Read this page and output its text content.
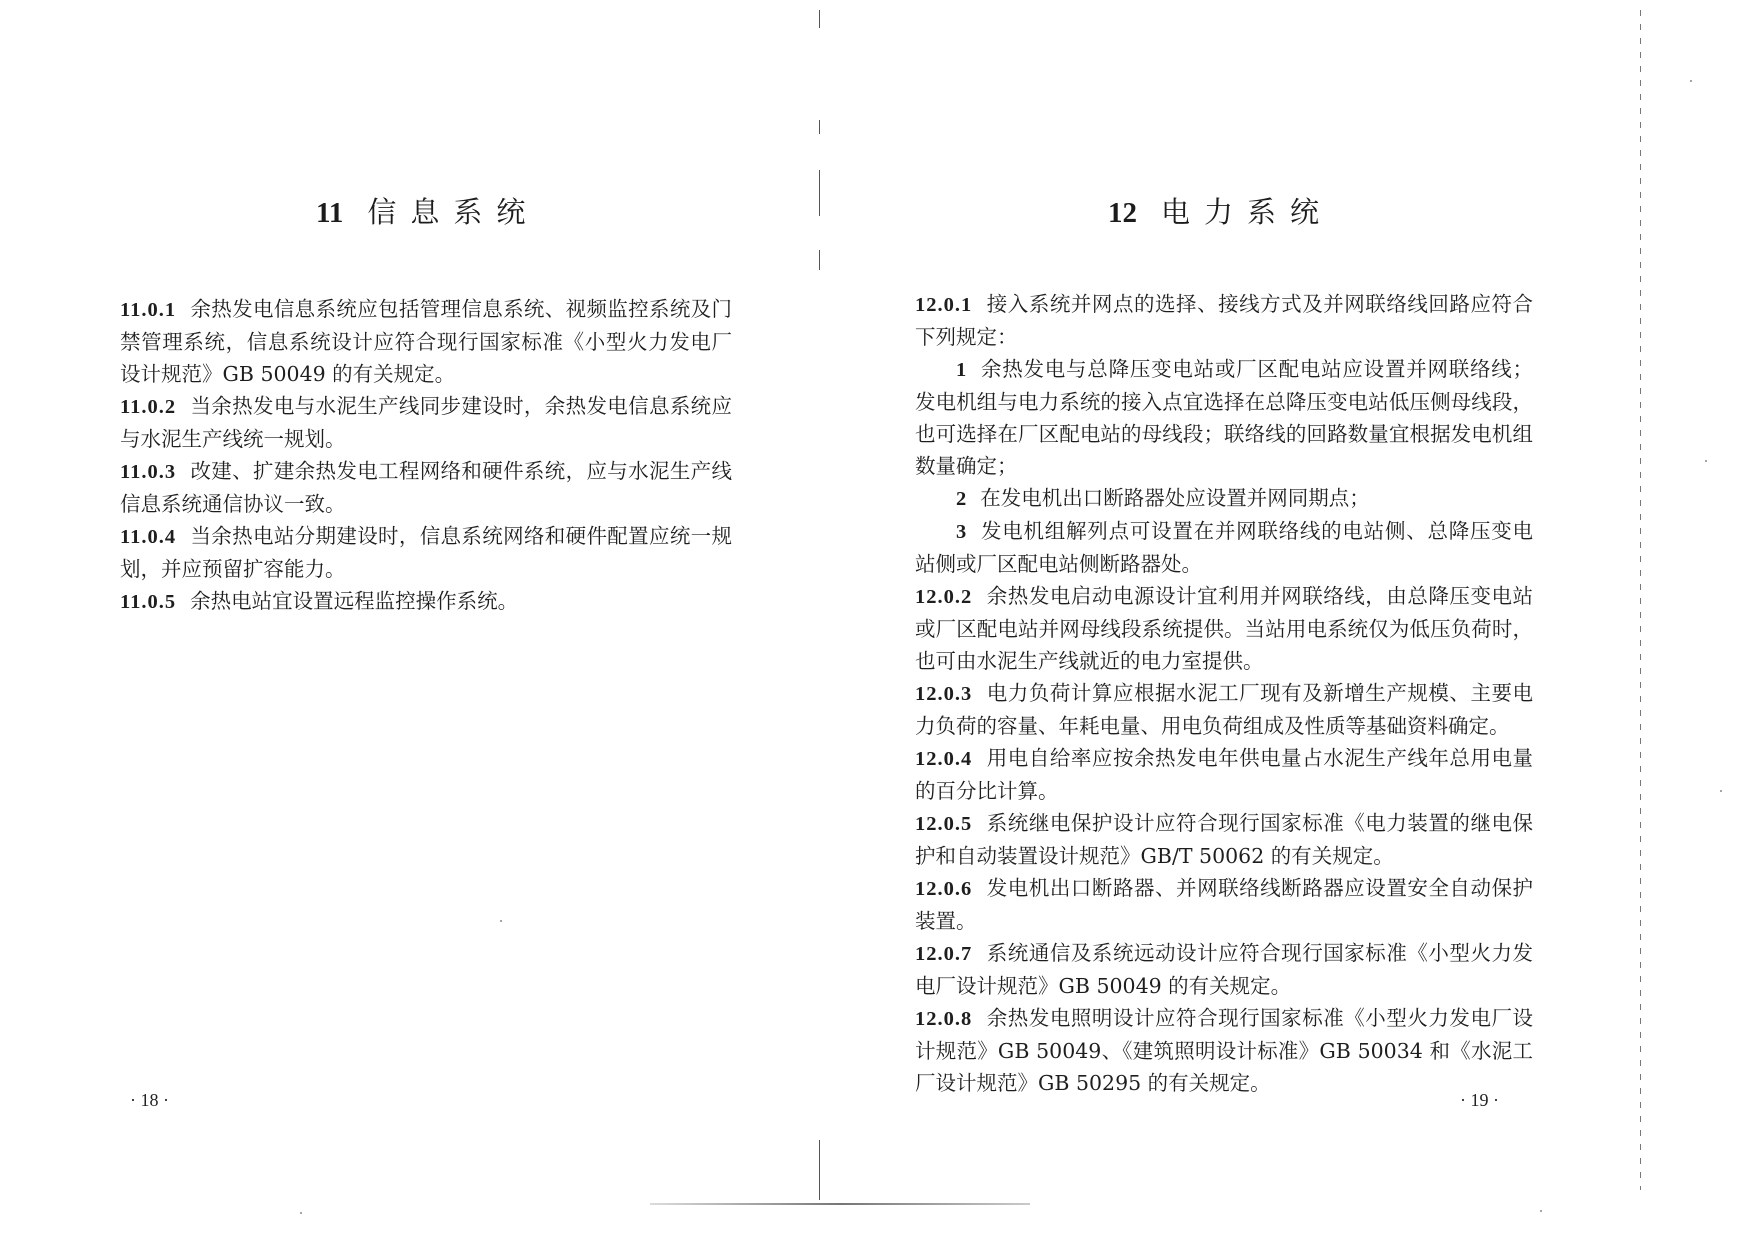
11 信息系统

11.0.1 余热发电信息系统应包括管理信息系统、视频监控系统及门禁管理系统，信息系统设计应符合现行国家标准《小型火力发电厂设计规范》GB 50049 的有关规定。

11.0.2 当余热发电与水泥生产线同步建设时，余热发电信息系统应与水泥生产线统一规划。

11.0.3 改建、扩建余热发电工程网络和硬件系统，应与水泥生产线信息系统通信协议一致。

11.0.4 当余热电站分期建设时，信息系统网络和硬件配置应统一规划，并应预留扩容能力。

11.0.5 余热电站宜设置远程监控操作系统。

· 18 ·
12 电力系统

12.0.1 接入系统并网点的选择、接线方式及并网联络线回路应符合下列规定：

1 余热发电与总降压变电站或厂区配电站应设置并网联络线；发电机组与电力系统的接入点宜选择在总降压变电站低压侧母线段，也可选择在厂区配电站的母线段；联络线的回路数量宜根据发电机组数量确定；

2 在发电机出口断路器处应设置并网同期点；

3 发电机组解列点可设置在并网联络线的电站侧、总降压变电站侧或厂区配电站侧断路器处。

12.0.2 余热发电启动电源设计宜利用并网联络线，由总降压变电站或厂区配电站并网母线段系统提供。当站用电系统仅为低压负荷时，也可由水泥生产线就近的电力室提供。

12.0.3 电力负荷计算应根据水泥工厂现有及新增生产规模、主要电力负荷的容量、年耗电量、用电负荷组成及性质等基础资料确定。

12.0.4 用电自给率应按余热发电年供电量占水泥生产线年总用电量的百分比计算。

12.0.5 系统继电保护设计应符合现行国家标准《电力装置的继电保护和自动装置设计规范》GB/T 50062 的有关规定。

12.0.6 发电机出口断路器、并网联络线断路器应设置安全自动保护装置。

12.0.7 系统通信及系统远动设计应符合现行国家标准《小型火力发电厂设计规范》GB 50049 的有关规定。

12.0.8 余热发电照明设计应符合现行国家标准《小型火力发电厂设计规范》GB 50049、《建筑照明设计标准》GB 50034 和《水泥工厂设计规范》GB 50295 的有关规定。

· 19 ·
